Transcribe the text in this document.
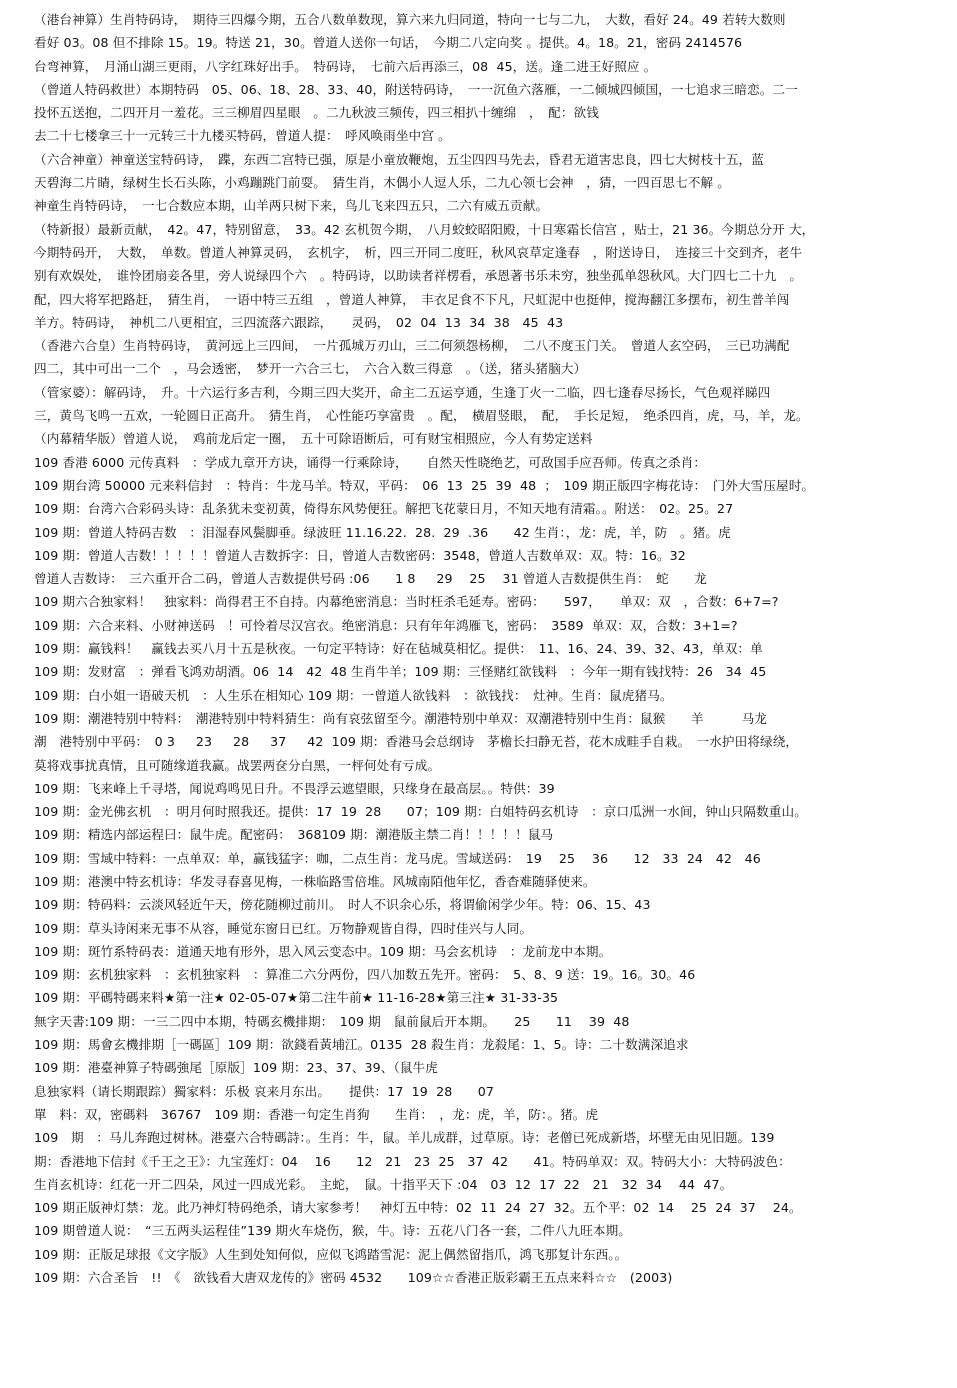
（港台神算）生肖特码诗，　期待三四爆今期，五合八数单数现，算六来九归同道，特向一七与二九，　大数，看好 24。49 若转大数则
看好 03。08 但不排除 15。19。特送 21，30。曾道人送你一句话，　今期二八定向奖 。提供。4。18。21，密码 2414576
台弯神算，　月涌山湖三更雨，八字红珠好出手。　特码诗，　七前六后再添三，08  45，送。逢二进王好照应 。
（曾道人特码救世）本期特码　05、06、18、28、33、40，附送特码诗，　一一沉鱼六落雁，一二倾城四倾国，一七追求三暗恋。二一
投怀五送抱，二四开月一羞花。三三柳眉四星眼　。二九秋波三频传，四三相扒十缠绵　，　配：欲钱
去二十七楼拿三十一元转三十九楼买特码，曾道人提：　呼风唤雨坐中宫 。
（六合神童）神童送宝特码诗，　蹀，东西二宫特已强，原是小童放鞭炮，五尘四四马先去，昏君无道害忠良，四七大树枝十五，蓝
天碧海二片睛，绿树生长石头陈，小鸡蹦跳门前耍。　猜生肖，木偶小人逗人乐，二九心领七会神　，猜，一四百思七不解 。
神童生肖特码诗，　一七合数应本期，山羊两只树下来，鸟儿飞来四五只，二六有威五贡献。
（特新报）最新贡献，　42。47，特别留意，　33。42 玄机贺今期，　八月蛟蛟昭阳殿，十日寒霜长信宫 ，贴士，21 36。今期总分开 大，
今期特码开，　大数，　单数。曾道人神算灵码，　玄机字，　析，四三开同二度旺，秋风哀草定逢春　，附送诗日，　连接三十交到齐，老牛
别有欢娱处，　谁怜团扇妾各里，旁人说绿四个六　。特码诗，以助读者祥楞看，承恩著书乐未穷，独坐孤单怨秋风。大门四七二十九　。
配，四大将军把路赶，　猜生肖，　一语中特三五组　，曾道人神算，　丰衣足食不下凡，尺虹泥中也挺伸，搅海翻江多摆布，初生普羊闯
羊方。特码诗，　神机二八更相宜，三四流落六跟踪，　　灵码，　02  04  13  34  38　45  43
（香港六合皇）生肖特码诗，　黄河远上三四间，　一片孤城万刃山，三二何须怨杨柳，　二八不度玉门关。　曾道人玄空码，　三已功满配
四二，其中可出一二个　，马会透密，　梦开一六合三七，　六合入数三得意　。（送，猪头猪脑大）
（管家婆）：解码诗，　升。十六运行多吉利，今期三四大奖开，命主二五运亨通，生逢丁火一二临，四七逢春尽扬长，气色观祥睇四
三，黄鸟飞鸣一五欢，一轮圆日正高升。　猜生肖，　心性能巧享富贵　。配，　横眉竖眼，　配，　手长足短，　绝杀四肖，虎，马，羊，龙。
（内幕精华版）曾道人说，　鸡前龙后定一圈，　五十可除语断后，可有财宝相照应，今人有势定送料
109 香港 6000 元传真料　：学成九章开方诀，诵得一行乘除诗，　　自然天性晓绝艺，可敌国手应吾师。传真之杀肖：
109 期台湾 50000 元来料信封　：特肖：牛龙马羊。特双，平码：　06  13  25  39  48  ；　109 期正版四字梅花诗：　门外大雪压屋时。
109 期：台湾六合彩码头诗：乱条犹未变初黄，倚得东风势便狂。解把飞花蒙日月，不知天地有清霜。。附送：　02。25。27
109 期：曾道人特码吉数　：泪湿春风鬓脚垂。绿波旺 11.16.22.  28.  29  .36　　42 生肖：，龙：虎，羊，防　。猪。虎
109 期：曾道人吉数！！！！！曾道人吉数拆字：日，曾道人吉数密码：3548，曾道人吉数单双：双。特：16。32
曾道人吉数诗：　三六重开合二码，曾道人吉数提供号码 :06　　1 8　  29　 25　 31 曾道人吉数提供生肖：　蛇　　龙
109 期六合独家料！　独家料：尚得君王不自持。内幕绝密消息：当时枉杀毛延寿。密码：　　597，　　单双：双　，合数：6+7=?
109 期：六合来料、小财神送码　！可怜着尽汉宫衣。绝密消息：只有年年鸿雁飞，密码：　3589  单双：双，合数：3+1=?
109 期：赢钱料！　赢钱去买八月十五是秋夜。一句定平特诗：好在毡城莫相忆。提供：　11、16、24、39、32、43，单双：单
109 期：发财富　：弹看飞鸿劝胡酒。06  14　42  48 生肖牛羊；109 期：三怪赌红欲钱料　：今年一期有钱找特：26　34  45
109 期：白小姐一语破天机　：人生乐在相知心 109 期：一曾道人欲钱料　：欲钱找：　灶神。生肖：鼠虎猪马。
109 期：潮港特别中特料：　潮港特别中特料猜生：尚有哀弦留至今。潮港特别中单双：双潮港特别中生肖：鼠猴　　羊　　　马龙
潮　港特别中平码：　0 3　  23　  28　  37　  42  109 期：香港马会总纲诗　茅檐长扫静无苔，花木成畦手自栽。　一水护田将绿绕，
莫将戏事扰真情，且可随缘道我赢。战罢两奁分白黑，一枰何处有亏成。
109 期：飞来峰上千寻塔，闻说鸡鸣见日升。不畏浮云遮望眼，只缘身在最高层。。特供：39
109 期：金光佛玄机　：明月何时照我还。提供：17  19  28　　07；109 期：白姐特码玄机诗　：京口瓜洲一水间，钟山只隔数重山。
109 期：精选内部运程曰：鼠牛虎。配密码：　368109 期：潮港版主禁二肖！！！！！鼠马
109 期：雪域中特料：一点单双：单，赢钱猛字：咖，二点生肖：龙马虎。雪域送码：　19　 25　 36　　12　33  24　42　46
109 期：港澳中特玄机诗：华发寻春喜见梅，一株临路雪倍堆。风城南陌他年忆，香杳难随驿使来。
109 期：特码料：云淡风轻近午天，傍花随柳过前川。　时人不识余心乐，将谓偷闲学少年。特：06、15、43
109 期：草头诗闲来无事不从容，睡觉东窗日已红。万物静观皆自得，四时佳兴与人同。
109 期：斑竹系特码表：道通天地有形外，思入风云变态中。109 期：马会玄机诗　：龙前龙中本期。
109 期：玄机独家料　：玄机独家料　：算准二六分两份，四八加数五先开。密码：　5、8、9 送：19。16。30。46
109 期：平碼特碼来料★第一注★ 02-05-07★第二注牛前★ 11-16-28★第三注★ 31-33-35
無字天書:109 期：一三二四中本期，特碼玄機排期：　109 期　鼠前鼠后开本期。　　25　　11　 39  48
109 期：馬會玄機排期［一碼區］109 期：欲錢看黃埔江。0135  28 殺生肖：龙殺尾：1、5。诗：二十数满深追求
109 期：港臺神算子特碼強尾［原版］109 期：23、37、39、（鼠牛虎
息独家料（请长期跟踪）獨家料：乐极 哀来月东出。　　提供：17  19  28　　07
單　料：双，密碼料　36767　109 期：香港一句定生肖狗　　生肖：　，龙：虎，羊，防：。猪。虎
109　期　：马儿奔跑过树林。港臺六合特碼詩：。生肖：牛，鼠。羊儿成群，过草原。诗：老僧已死成新塔，坏壁无由见旧题。139
期：香港地下信封《千王之王》：九宝莲灯：04　 16　　12　21　23  25　37  42　　41。特码单双：双。特码大小：大特码波色：
生肖玄机诗：红花一开二四朵，风过一四成光彩。　主蛇，　鼠。十指平天下 :04　03  12  17  22　21　32  34　 44  47。
109 期正版神灯禁：龙。此乃神灯特码绝杀，请大家参考！　神灯五中特：02  11  24  27  32。五个平：02  14　 25  24  37　 24。
109 期曾道人说：　“三五两头运程佳”139 期火车烧伤，猴，牛。诗：五花八门各一套，二件八九旺本期。
109 期：正版足球报《文字版》人生到处知何似，应似飞鸿踏雪泥：泥上偶然留指爪，鸿飞那复计东西。。
109 期：六合圣旨　!!　《　欲钱看大唐双龙传的》密码 4532　　109☆☆香港正版彩霸王五点来料☆☆　(2003)
